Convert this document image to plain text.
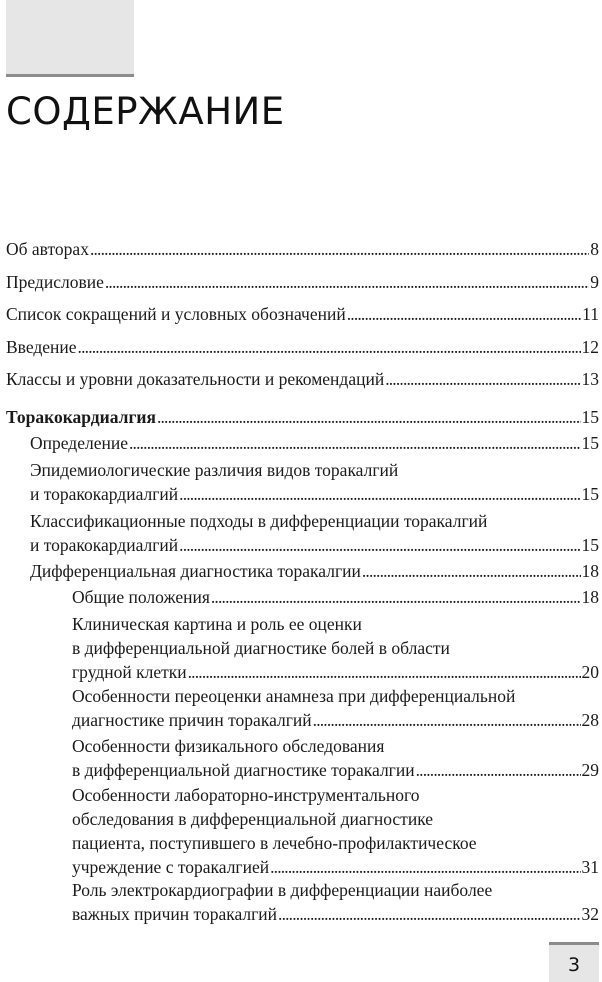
СОДЕРЖАНИЕ
Об авторах . . .	8
Предисловие . . .	9
Список сокращений и условных обозначений . . .	11
Введение . . .	12
Классы и уровни доказательности и рекомендаций . . .	13
Торакокардиалгия . . .	15
Определение . . .	15
Эпидемиологические различия видов торакалгий
и торакокардиалгий . . .	15
Классификационные подходы в дифференциации торакалгий
и торакокардиалгий . . .	15
Дифференциальная диагностика торакалгии . . .	18
Общие положения . . .	18
Клиническая картина и роль ее оценки
в дифференциальной диагностике болей в области
грудной клетки . . .	20
Особенности переоценки анамнеза при дифференциальной
диагностике причин торакалгий . . .	28
Особенности физикального обследования
в дифференциальной диагностике торакалгии . . .	29
Особенности лабораторно-инструментального
обследования в дифференциальной диагностике
пациента, поступившего в лечебно-профилактическое
учреждение с торакалгией . . .	31
Роль электрокардиографии в дифференциации наиболее
важных причин торакалгий . . .	32
3
